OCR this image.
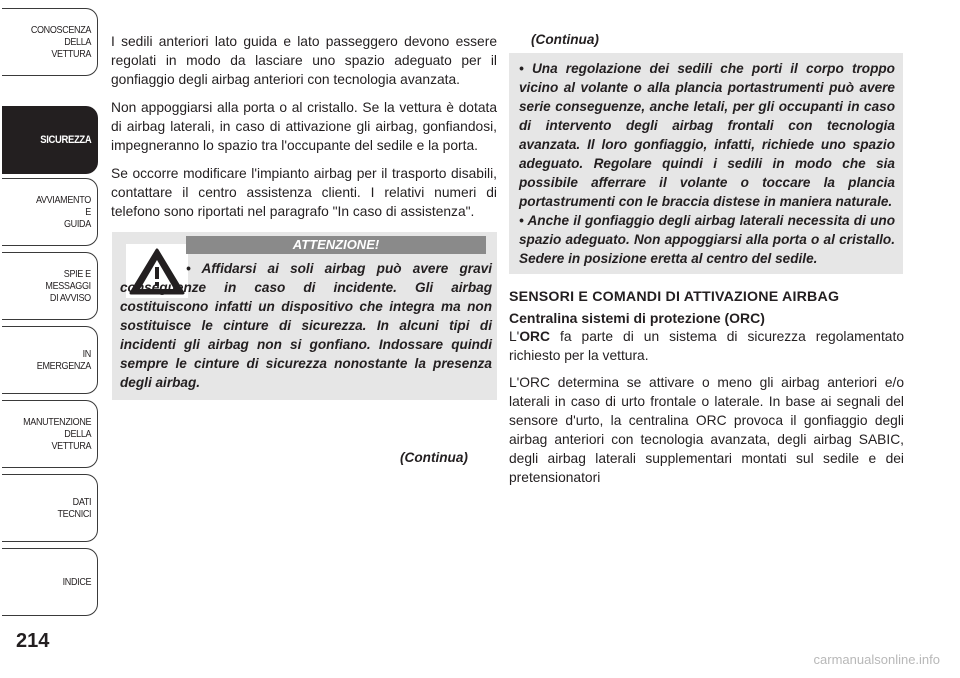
CONOSCENZA
DELLA
VETTURA
SICUREZZA
AVVIAMENTO
E
GUIDA
SPIE E
MESSAGGI
DI AVVISO
IN
EMERGENZA
MANUTENZIONE
DELLA
VETTURA
DATI
TECNICI
INDICE
214

I sedili anteriori lato guida e lato passeggero devono essere regolati in modo da lasciare uno spazio adeguato per il gonfiaggio degli airbag anteriori con tecnologia avanzata.

Non appoggiarsi alla porta o al cristallo. Se la vettura è dotata di airbag laterali, in caso di attivazione gli airbag, gonfiandosi, impegneranno lo spazio tra l'occupante del sedile e la porta.

Se occorre modificare l'impianto airbag per il trasporto disabili, contattare il centro assistenza clienti. I relativi numeri di telefono sono riportati nel paragrafo "In caso di assistenza".

ATTENZIONE!

• Affidarsi ai soli airbag può avere gravi conseguenze in caso di incidente. Gli airbag costituiscono infatti un dispositivo che integra ma non sostituisce le cinture di sicurezza. In alcuni tipi di incidenti gli airbag non si gonfiano. Indossare quindi sempre le cinture di sicurezza nonostante la presenza degli airbag.

(Continua)
(Continua)

• Una regolazione dei sedili che porti il corpo troppo vicino al volante o alla plancia portastrumenti può avere serie conseguenze, anche letali, per gli occupanti in caso di intervento degli airbag frontali con tecnologia avanzata. Il loro gonfiaggio, infatti, richiede uno spazio adeguato. Regolare quindi i sedili in modo che sia possibile afferrare il volante o toccare la plancia portastrumenti con le braccia distese in maniera naturale.

• Anche il gonfiaggio degli airbag laterali necessita di uno spazio adeguato. Non appoggiarsi alla porta o al cristallo. Sedere in posizione eretta al centro del sedile.

SENSORI E COMANDI DI ATTIVAZIONE AIRBAG
Centralina sistemi di protezione (ORC)

L'ORC fa parte di un sistema di sicurezza regolamentato richiesto per la vettura.

L'ORC determina se attivare o meno gli airbag anteriori e/o laterali in caso di urto frontale o laterale. In base ai segnali del sensore d'urto, la centralina ORC provoca il gonfiaggio degli airbag anteriori con tecnologia avanzata, degli airbag SABIC, degli airbag laterali supplementari montati sul sedile e dei pretensionatori

carmanualsonline.info
